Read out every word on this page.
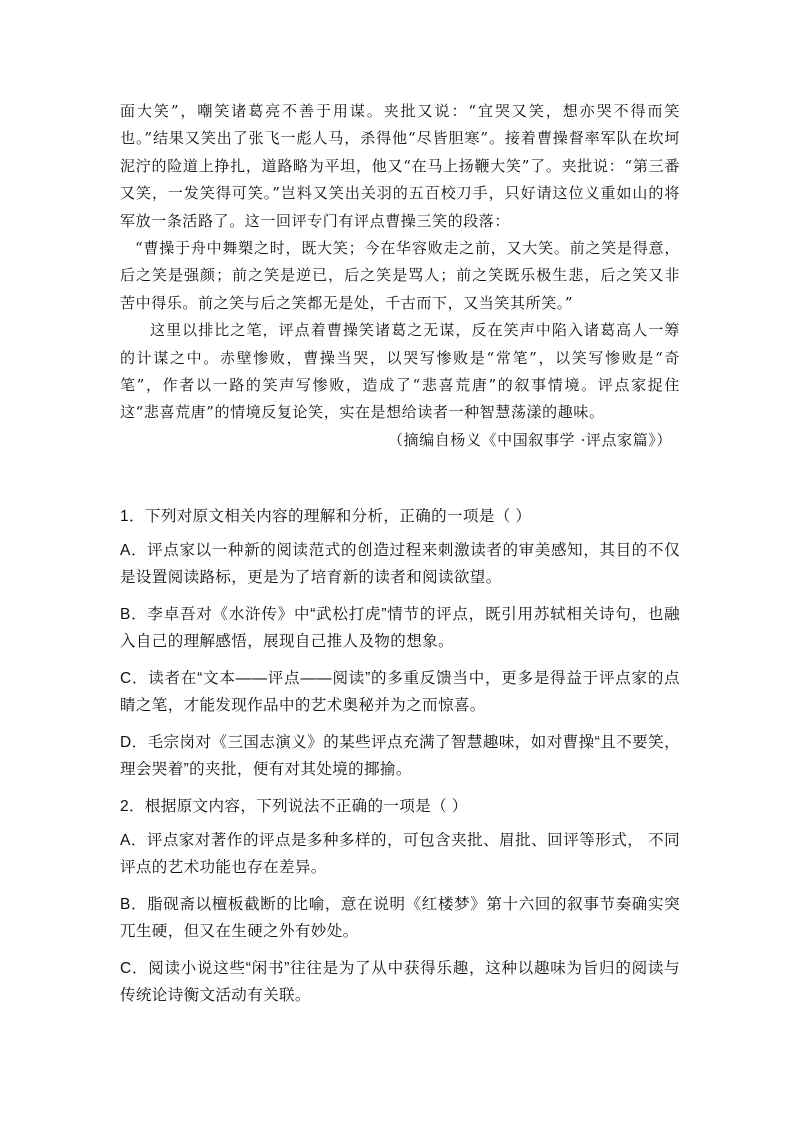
面大笑”，嘲笑诸葛亮不善于用谋。夹批又说：“宜哭又笑，想亦哭不得而笑也。”结果又笑出了张飞一彪人马，杀得他“尽皆胆寒”。接着曹操督率军队在坎坷泥泞的险道上挣扎，道路略为平坦，他又“在马上扬鞭大笑”了。夹批说：“第三番又笑，一发笑得可笑。”岂料又笑出关羽的五百校刀手，只好请这位义重如山的将军放一条活路了。这一回评专门有评点曹操三笑的段落：

“曹操于舟中舞槊之时，既大笑；今在华容败走之前，又大笑。前之笑是得意，后之笑是强颜；前之笑是逆已，后之笑是骂人；前之笑既乐极生悲，后之笑又非苦中得乐。前之笑与后之笑都无是处，千古而下，又当笑其所笑。”

这里以排比之笔，评点着曹操笑诸葛之无谋，反在笑声中陷入诸葛高人一筹的计谋之中。赤壁惨败，曹操当哭，以哭写惨败是“常笔”，以笑写惨败是“奇笔”，作者以一路的笑声写惨败，造成了“悲喜荒唐”的叙事情境。评点家捉住这“悲喜荒唐”的情境反复论笑，实在是想给读者一种智慧荡漾的趣味。

（摘编自杨义《中国叙事学 ·评点家篇》）

1．下列对原文相关内容的理解和分析，正确的一项是（ ）

A．评点家以一种新的阅读范式的创造过程来刺激读者的审美感知，其目的不仅是设置阅读路标，更是为了培育新的读者和阅读欲望。

B．李卓吾对《水浒传》中“武松打虎”情节的评点，既引用苏轼相关诗句，也融入自己的理解感悟，展现自己推人及物的想象。

C．读者在“文本——评点——阅读”的多重反馈当中，更多是得益于评点家的点睛之笔，才能发现作品中的艺术奥秘并为之而惊喜。

D．毛宗岗对《三国志演义》的某些评点充满了智慧趣味，如对曹操“且不要笑，理会哭着”的夹批，便有对其处境的揶揄。

2．根据原文内容，下列说法不正确的一项是（ ）

A．评点家对著作的评点是多种多样的，可包含夹批、眉批、回评等形式， 不同评点的艺术功能也存在差异。

B．脂砚斋以檀板截断的比喻，意在说明《红楼梦》第十六回的叙事节奏确实突兀生硬，但又在生硬之外有妙处。

C．阅读小说这些“闲书”往往是为了从中获得乐趣，这种以趣味为旨归的阅读与传统论诗衡文活动有关联。
